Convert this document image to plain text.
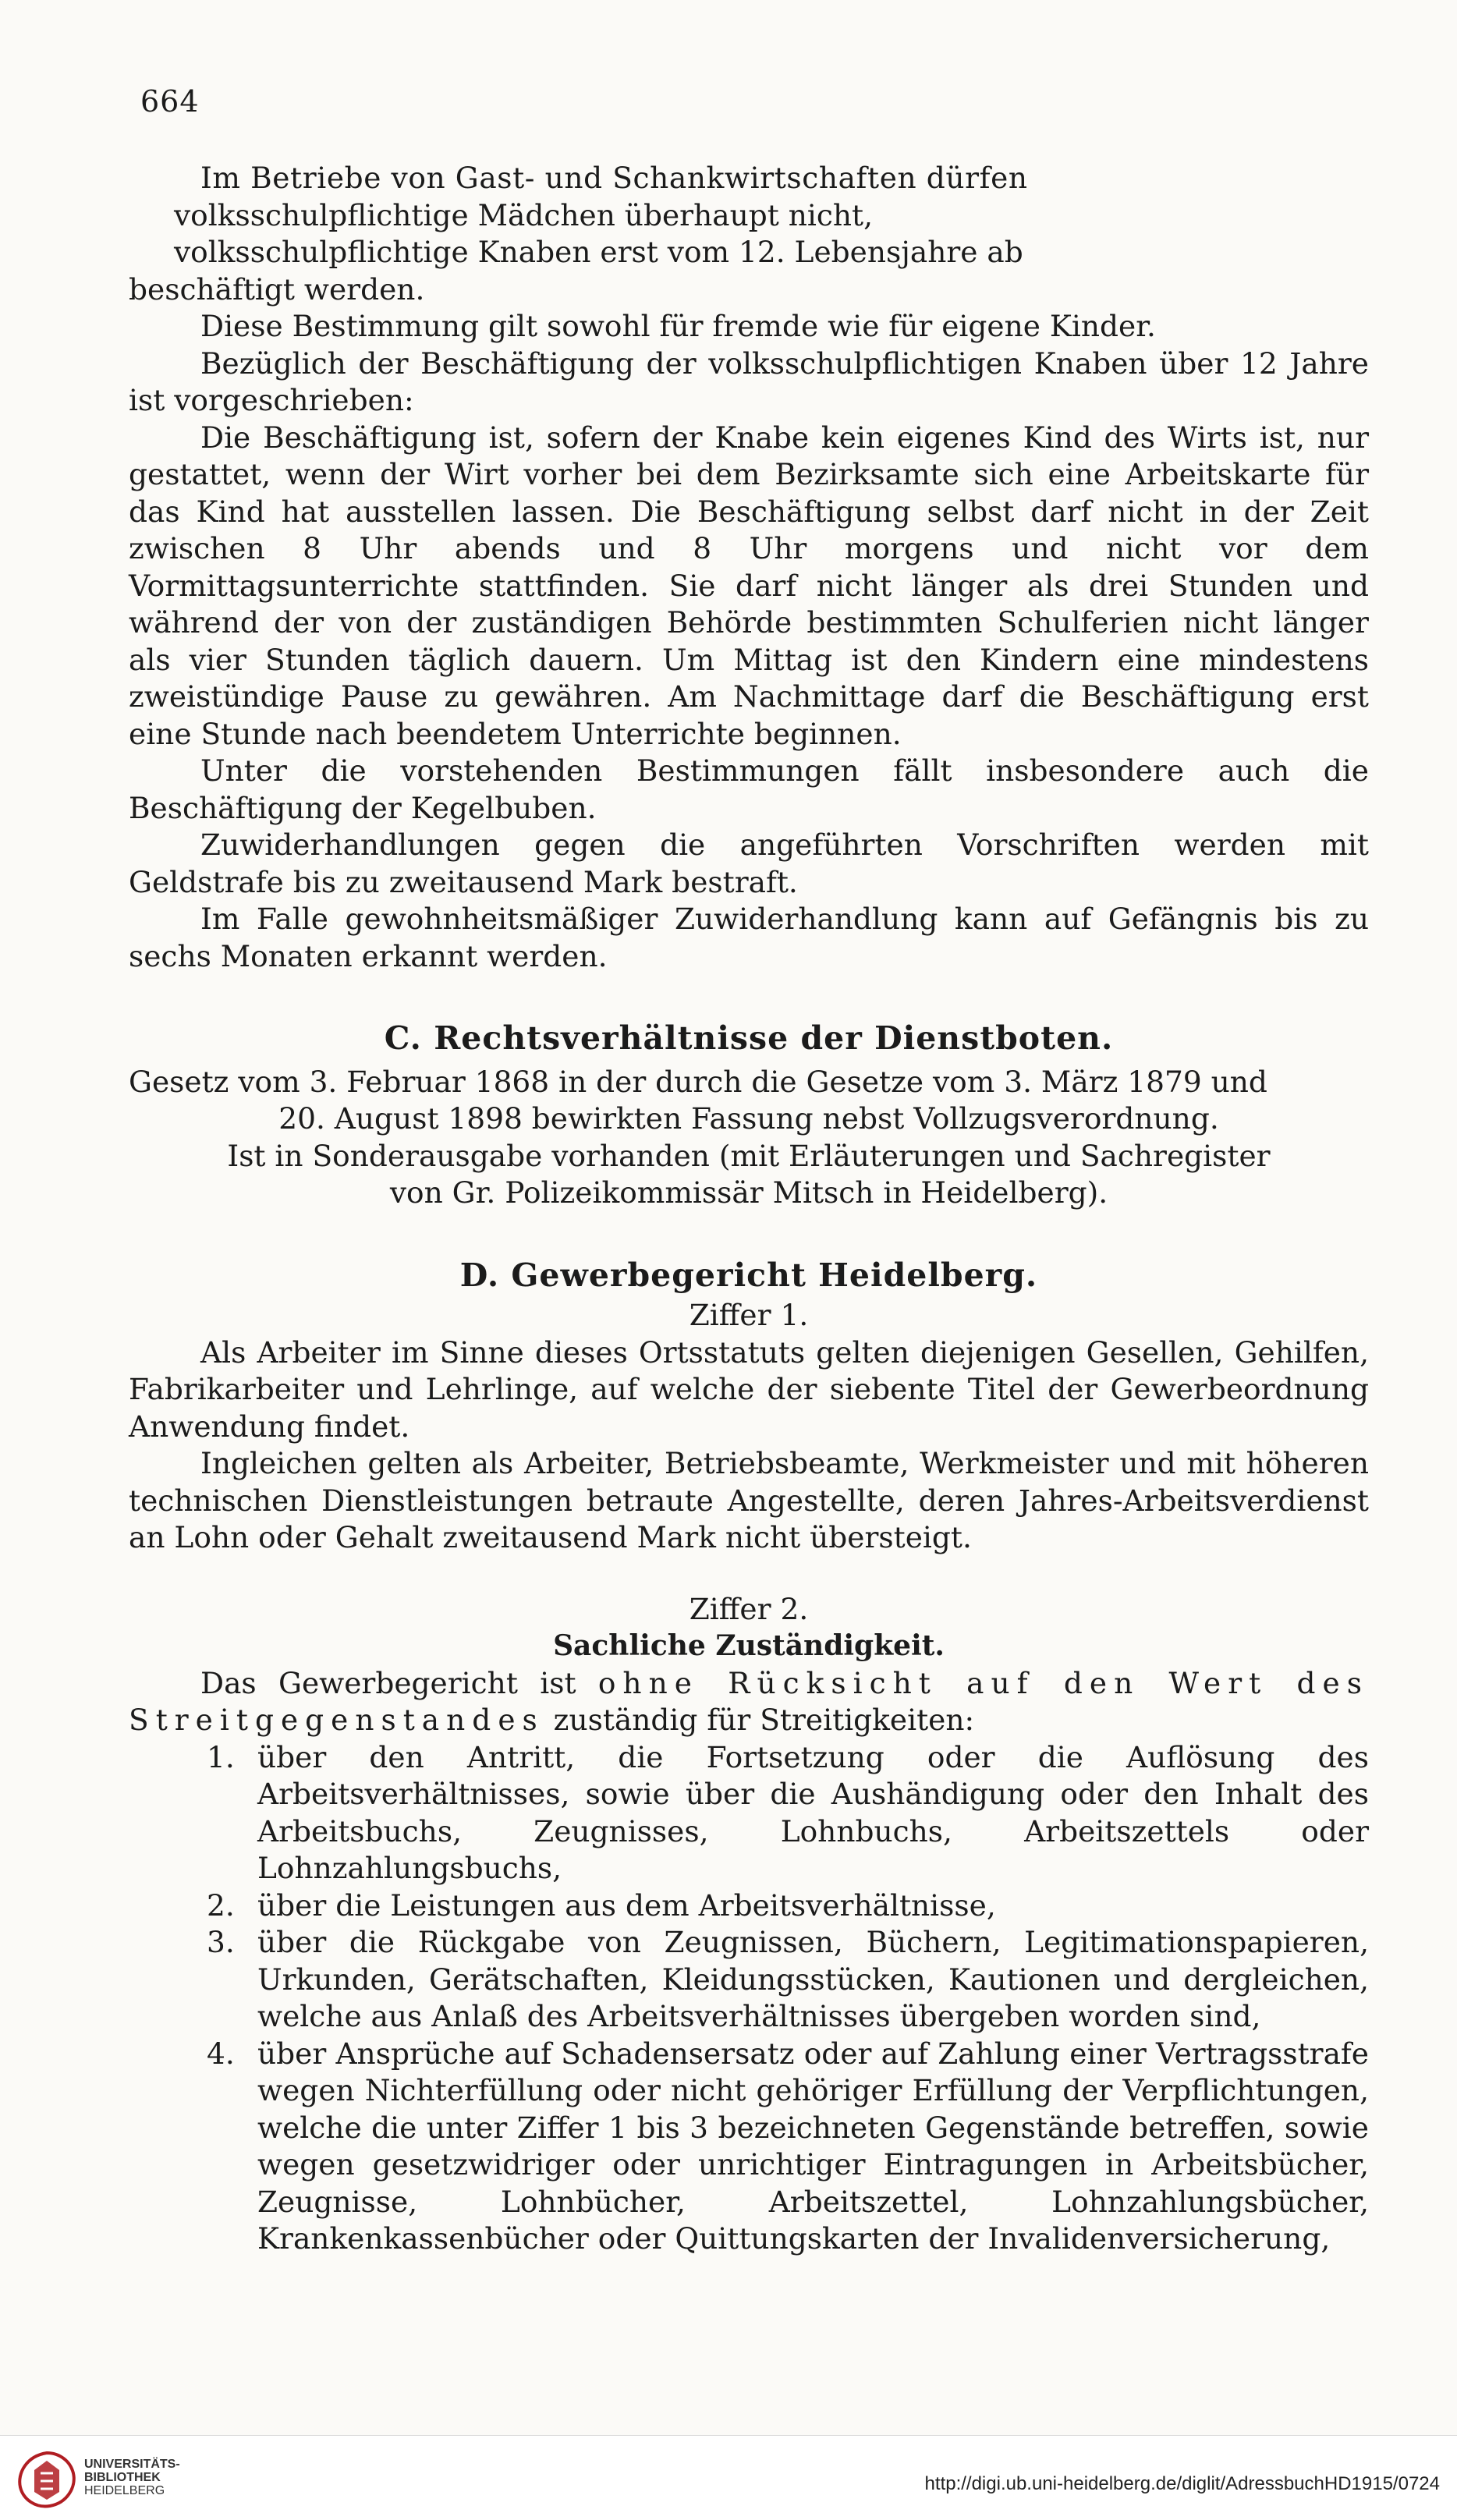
664

Im Betriebe von Gast- und Schankwirtschaften dürfen

volksschulpflichtige Mädchen überhaupt nicht,

volksschulpflichtige Knaben erst vom 12. Lebensjahre ab

beschäftigt werden.

Diese Bestimmung gilt sowohl für fremde wie für eigene Kinder.

Bezüglich der Beschäftigung der volksschulpflichtigen Knaben über 12 Jahre ist vorgeschrieben:

Die Beschäftigung ist, sofern der Knabe kein eigenes Kind des Wirts ist, nur gestattet, wenn der Wirt vorher bei dem Bezirksamte sich eine Arbeitskarte für das Kind hat ausstellen lassen. Die Beschäftigung selbst darf nicht in der Zeit zwischen 8 Uhr abends und 8 Uhr morgens und nicht vor dem Vormittagsunterrichte stattfinden. Sie darf nicht länger als drei Stunden und während der von der zuständigen Behörde bestimmten Schulferien nicht länger als vier Stunden täglich dauern. Um Mittag ist den Kindern eine mindestens zweistündige Pause zu gewähren. Am Nachmittage darf die Beschäftigung erst eine Stunde nach beendetem Unterrichte beginnen.

Unter die vorstehenden Bestimmungen fällt insbesondere auch die Beschäftigung der Kegelbuben.

Zuwiderhandlungen gegen die angeführten Vorschriften werden mit Geldstrafe bis zu zweitausend Mark bestraft.

Im Falle gewohnheitsmäßiger Zuwiderhandlung kann auf Gefängnis bis zu sechs Monaten erkannt werden.

C. Rechtsverhältnisse der Dienstboten.

Gesetz vom 3. Februar 1868 in der durch die Gesetze vom 3. März 1879 und

20. August 1898 bewirkten Fassung nebst Vollzugsverordnung.

Ist in Sonderausgabe vorhanden (mit Erläuterungen und Sachregister

von Gr. Polizeikommissär Mitsch in Heidelberg).

D. Gewerbegericht Heidelberg.
Ziffer 1.

Als Arbeiter im Sinne dieses Ortsstatuts gelten diejenigen Gesellen, Gehilfen, Fabrikarbeiter und Lehrlinge, auf welche der siebente Titel der Gewerbeordnung Anwendung findet.

Ingleichen gelten als Arbeiter, Betriebsbeamte, Werkmeister und mit höheren technischen Dienstleistungen betraute Angestellte, deren Jahres-Arbeitsverdienst an Lohn oder Gehalt zweitausend Mark nicht übersteigt.

Ziffer 2.
Sachliche Zuständigkeit.

Das Gewerbegericht ist ohne Rücksicht auf den Wert des Streitgegenstandes zuständig für Streitigkeiten:

1. über den Antritt, die Fortsetzung oder die Auflösung des Arbeitsverhältnisses, sowie über die Aushändigung oder den Inhalt des Arbeitsbuchs, Zeugnisses, Lohnbuchs, Arbeitszettels oder Lohnzahlungsbuchs,
2. über die Leistungen aus dem Arbeitsverhältnisse,
3. über die Rückgabe von Zeugnissen, Büchern, Legitimationspapieren, Urkunden, Gerätschaften, Kleidungsstücken, Kautionen und dergleichen, welche aus Anlaß des Arbeitsverhältnisses übergeben worden sind,
4. über Ansprüche auf Schadensersatz oder auf Zahlung einer Vertragsstrafe wegen Nichterfüllung oder nicht gehöriger Erfüllung der Verpflichtungen, welche die unter Ziffer 1 bis 3 bezeichneten Gegenstände betreffen, sowie wegen gesetzwidriger oder unrichtiger Eintragungen in Arbeitsbücher, Zeugnisse, Lohnbücher, Arbeitszettel, Lohnzahlungsbücher, Krankenkassenbücher oder Quittungskarten der Invalidenversicherung,
UNIVERSITÄTS-
BIBLIOTHEK
HEIDELBERG	http://digi.ub.uni-heidelberg.de/diglit/AdressbuchHD1915/0724
